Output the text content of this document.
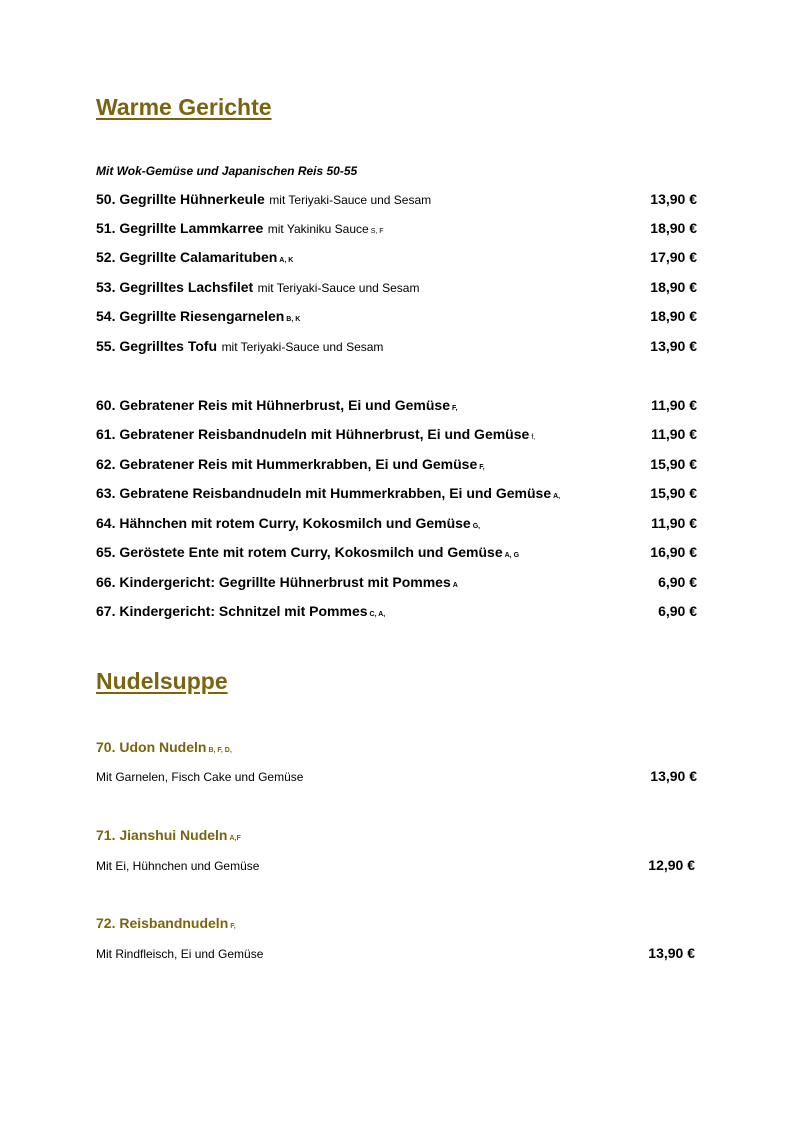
Warme Gerichte
Mit Wok-Gemüse und Japanischen Reis 50-55
50. Gegrillte Hühnerkeule mit Teriyaki-Sauce und Sesam	13,90 €
51. Gegrillte Lammkarree mit Yakiniku Sauce S, F	18,90 €
52. Gegrillte Calamarituben A, K	17,90 €
53. Gegrilltes Lachsfilet mit Teriyaki-Sauce und Sesam	18,90 €
54. Gegrillte Riesengarnelen B, K	18,90 €
55. Gegrilltes Tofu mit Teriyaki-Sauce und Sesam	13,90 €
60. Gebratener Reis mit Hühnerbrust, Ei und Gemüse F,	11,90 €
61. Gebratener Reisbandnudeln mit Hühnerbrust, Ei und Gemüse f,	11,90 €
62. Gebratener Reis mit Hummerkrabben, Ei und Gemüse F,	15,90 €
63. Gebratene Reisbandnudeln mit Hummerkrabben, Ei und Gemüse A,	15,90 €
64. Hähnchen mit rotem Curry, Kokosmilch und Gemüse G,	11,90 €
65. Geröstete Ente mit rotem Curry, Kokosmilch und Gemüse A, G	16,90 €
66. Kindergericht: Gegrillte Hühnerbrust mit Pommes A	6,90 €
67. Kindergericht: Schnitzel mit Pommes C, A,	6,90 €
Nudelsuppe
70. Udon Nudeln B, F, D,
Mit Garnelen, Fisch Cake und Gemüse	13,90 €
71. Jianshui Nudeln A,F
Mit Ei, Hühnchen und Gemüse	12,90 €
72. Reisbandnudeln F,
Mit Rindfleisch, Ei und Gemüse	13,90 €
